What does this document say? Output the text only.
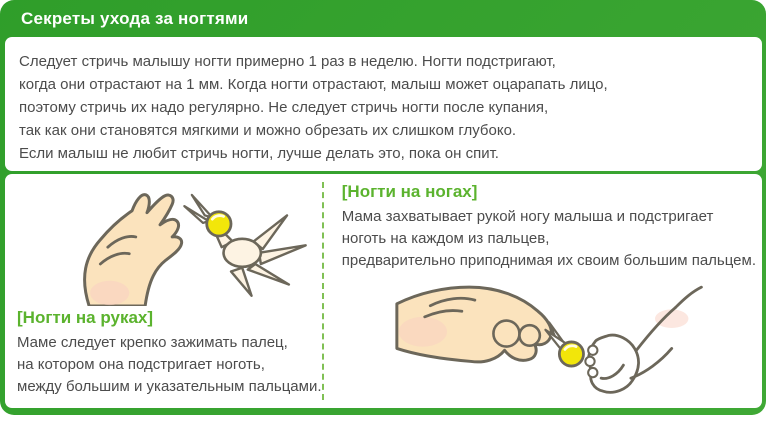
Секреты ухода за ногтями
Следует стричь малышу ногти примерно 1 раз в неделю. Ногти подстригают,
когда они отрастают на 1 мм. Когда ногти отрастают, малыш может оцарапать лицо,
поэтому стричь их надо регулярно. Не следует стричь ногти после купания,
так как они становятся мягкими и можно обрезать их слишком глубоко.
Если малыш не любит стричь ногти, лучше делать это, пока он спит.
[Ногти на руках]
Маме следует крепко зажимать палец,
на котором она подстригает ноготь,
между большим и указательным пальцами.
[Ногти на ногах]
Мама захватывает рукой ногу малыша и подстригает
ноготь на каждом из пальцев,
предварительно приподнимая их своим большим пальцем.
